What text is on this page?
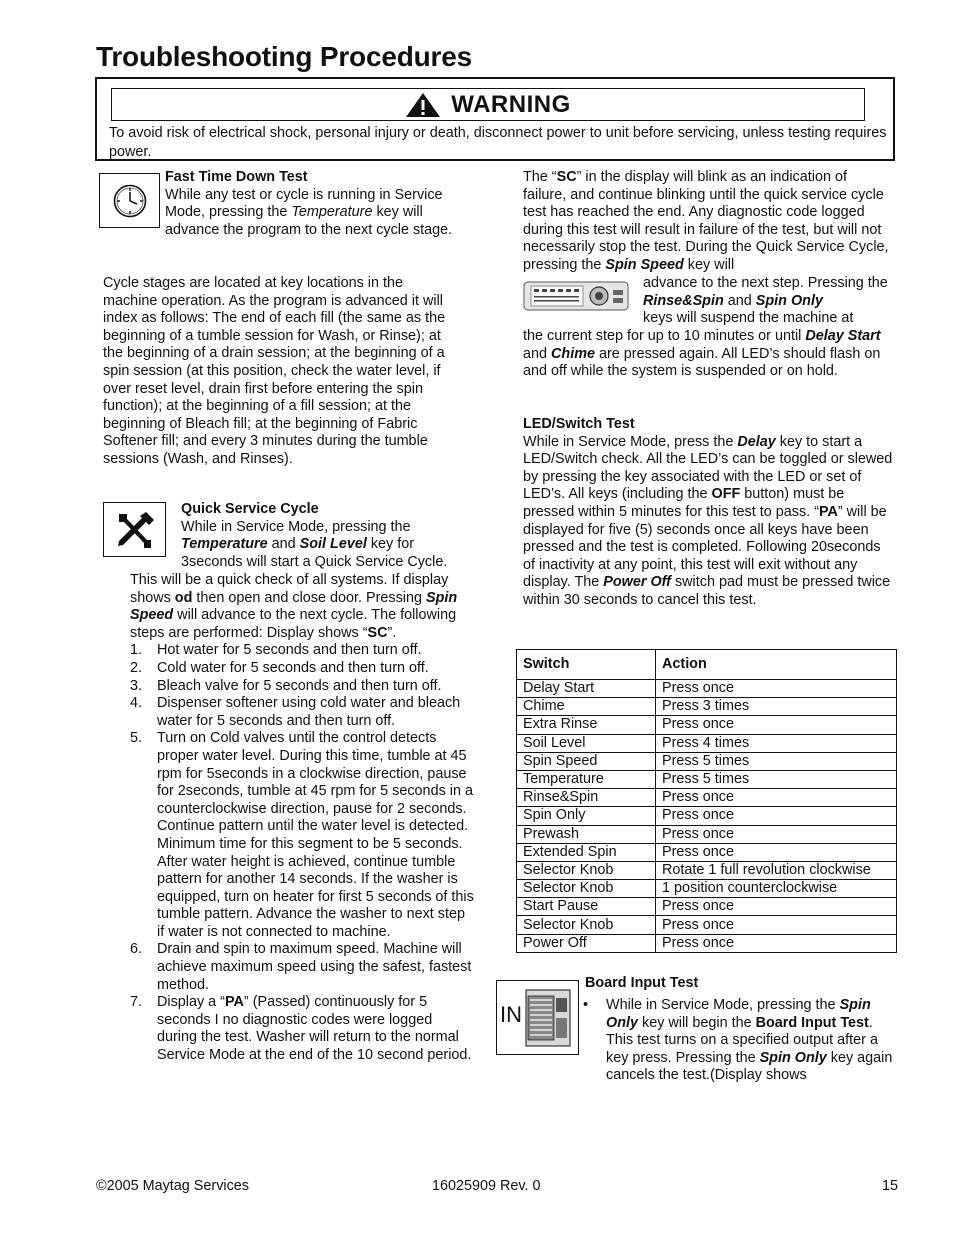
Troubleshooting Procedures
WARNING
To avoid risk of electrical shock, personal injury or death, disconnect power to unit before servicing, unless testing requires power.
Fast Time Down Test

While any test or cycle is running in Service Mode, pressing the Temperature key will advance the program to the next cycle stage.

Cycle stages are located at key locations in the machine operation. As the program is advanced it will index as follows: The end of each fill (the same as the beginning of a tumble session for Wash, or Rinse); at the beginning of a drain session; at the beginning of a spin session (at this position, check the water level, if over reset level, drain first before entering the spin function); at the beginning of a fill session; at the beginning of Bleach fill; at the beginning of Fabric Softener fill; and every 3 minutes during the tumble sessions (Wash, and Rinses).

Quick Service Cycle

While in Service Mode, pressing the
Temperature and Soil Level key for 3seconds will start a Quick Service Cycle.

This will be a quick check of all systems. If display shows od then open and close door. Pressing Spin Speed will advance to the next cycle. The following steps are performed: Display shows “SC”.

1. Hot water for 5 seconds and then turn off.
2. Cold water for 5 seconds and then turn off.
3. Bleach valve for 5 seconds and then turn off.
4. Dispenser softener using cold water and bleach water for 5 seconds and then turn off.
5. Turn on Cold valves until the control detects proper water level. During this time, tumble at 45 rpm for 5seconds in a clockwise direction, pause for 2seconds, tumble at 45 rpm for 5 seconds in a counterclockwise direction, pause for 2 seconds. Continue pattern until the water level is detected. Minimum time for this segment to be 5 seconds. After water height is achieved, continue tumble pattern for another 14 seconds. If the washer is equipped, turn on heater for first 5 seconds of this tumble pattern. Advance the washer to next step if water is not connected to machine.
6. Drain and spin to maximum speed. Machine will achieve maximum speed using the safest, fastest method.
7. Display a “PA” (Passed) continuously for 5 seconds I no diagnostic codes were logged during the test. Washer will return to the normal Service Mode at the end of the 10 second period.

The “SC” in the display will blink as an indication of failure, and continue blinking until the quick service cycle test has reached the end. Any diagnostic code logged during this test will result in failure of the test, but will not necessarily stop the test. During the Quick Service Cycle, pressing the Spin Speed key will

advance to the next step. Pressing the Rinse&Spin and Spin Only
keys will suspend the machine at

the current step for up to 10 minutes or until Delay Start and Chime are pressed again. All LED’s should flash on and off while the system is suspended or on hold.

LED/Switch Test

While in Service Mode, press the Delay key to start a LED/Switch check. All the LED’s can be toggled or slewed by pressing the key associated with the LED or set of LED’s. All keys (including the OFF button) must be pressed within 5 minutes for this test to pass. “PA” will be displayed for five (5) seconds once all keys have been pressed and the test is completed. Following 20seconds of inactivity at any point, this test will exit without any display. The Power Off switch pad must be pressed twice within 30 seconds to cancel this test.

Switch	Action
Delay Start	Press once
Chime	Press 3 times
Extra Rinse	Press once
Soil Level	Press 4 times
Spin Speed	Press 5 times
Temperature	Press 5 times
Rinse&Spin	Press once
Spin Only	Press once
Prewash	Press once
Extended Spin	Press once
Selector Knob	Rotate 1 full revolution clockwise
Selector Knob	1 position counterclockwise
Start Pause	Press once
Selector Knob	Press once
Power Off	Press once
IN
Board Input Test
• While in Service Mode, pressing the Spin Only key will begin the Board Input Test. This test turns on a specified output after a key press. Pressing the Spin Only key again cancels the test.(Display shows

©2005 Maytag Services	16025909 Rev. 0	15
